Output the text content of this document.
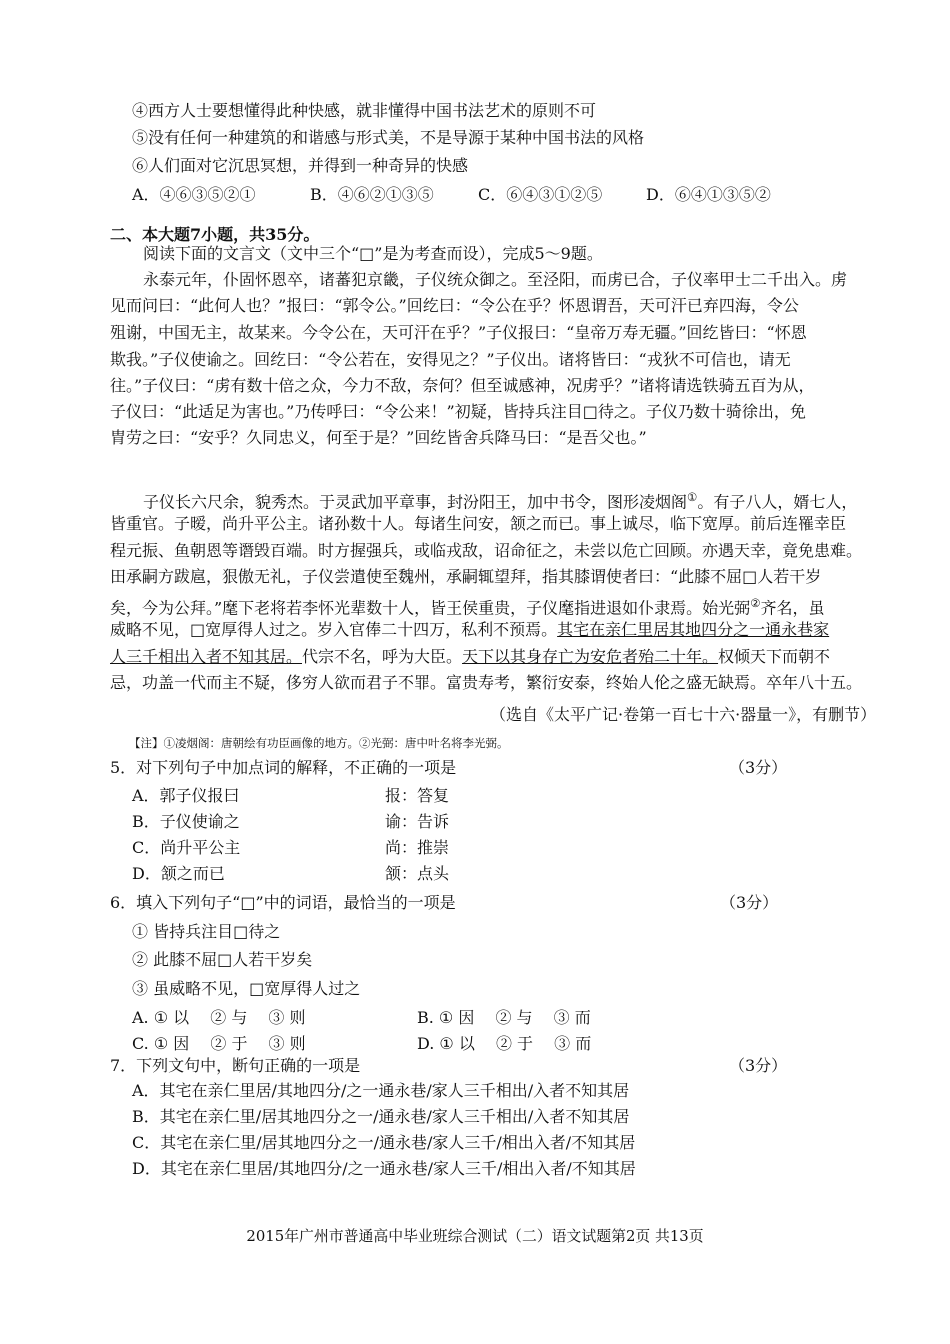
④西方人士要想懂得此种快感，就非懂得中国书法艺术的原则不可
⑤没有任何一种建筑的和谐感与形式美，不是导源于某种中国书法的风格
⑥人们面对它沉思冥想，并得到一种奇异的快感
A．④⑥③⑤②①	B．④⑥②①③⑤	C．⑥④③①②⑤	D．⑥④①③⑤②
二、本大题7小题，共35分。
阅读下面的文言文（文中三个“□”是为考查而设），完成5～9题。
永泰元年，仆固怀恩卒，诸蕃犯京畿，子仪统众御之。至泾阳，而虏已合，子仪率甲士二千出入。虏
见而问曰：“此何人也？”报曰：“郭令公。”回纥曰：“令公在乎？怀恩谓吾，天可汗已弃四海，令公
殂谢，中国无主，故某来。今令公在，天可汗在乎？”子仪报曰：“皇帝万寿无疆。”回纥皆曰：“怀恩
欺我。”子仪使谕之。回纥曰：“令公若在，安得见之？”子仪出。诸将皆曰：“戎狄不可信也，请无
往。”子仪曰：“虏有数十倍之众，今力不敌，奈何？但至诚感神，况虏乎？”诸将请选铁骑五百为从，
子仪曰：“此适足为害也。”乃传呼曰：“令公来！”初疑，皆持兵注目□待之。子仪乃数十骑徐出，免
胄劳之曰：“安乎？久同忠义，何至于是？”回纥皆舍兵降马曰：“是吾父也。”
子仪长六尺余，貌秀杰。于灵武加平章事，封汾阳王，加中书令，图形凌烟阁①。有子八人，婿七人，
皆重官。子暧，尚升平公主。诸孙数十人。每诸生问安，颔之而已。事上诚尽，临下宽厚。前后连罹幸臣
程元振、鱼朝恩等谮毁百端。时方握强兵，或临戎敌，诏命征之，未尝以危亡回顾。亦遇天幸，竟免患难。
田承嗣方跋扈，狠傲无礼，子仪尝遣使至魏州，承嗣辄望拜，指其膝谓使者曰：“此膝不屈□人若干岁
矣，今为公拜。”麾下老将若李怀光辈数十人，皆王侯重贵，子仪麾指进退如仆隶焉。始光弼②齐名，虽
威略不见，□宽厚得人过之。岁入官俸二十四万，私利不预焉。其宅在亲仁里居其地四分之一通永巷家
人三千相出入者不知其居。代宗不名，呼为大臣。天下以其身存亡为安危者殆二十年。权倾天下而朝不
忌，功盖一代而主不疑，侈穷人欲而君子不罪。富贵寿考，繁衍安泰，终始人伦之盛无缺焉。卒年八十五。
（选自《太平广记·卷第一百七十六·器量一》，有删节）
【注】①凌烟阁：唐朝绘有功臣画像的地方。②光弼：唐中叶名将李光弼。
5．对下列句子中加点词的解释，不正确的一项是	（3分）
A．郭子仪报曰	报：答复
B．子仪使谕之	谕：告诉
C．尚升平公主	尚：推崇
D．颔之而已	颔：点头
6．填入下列句子“□”中的词语，最恰当的一项是	（3分）
① 皆持兵注目□待之
② 此膝不屈□人若干岁矣
③ 虽威略不见，□宽厚得人过之
A. ① 以　 ② 与　 ③ 则	B. ① 因　 ② 与　 ③ 而
C. ① 因　 ② 于　 ③ 则	D. ① 以　 ② 于　 ③ 而
7．下列文句中，断句正确的一项是	（3分）
A．其宅在亲仁里居/其地四分/之一通永巷/家人三千相出/入者不知其居
B．其宅在亲仁里/居其地四分之一/通永巷/家人三千相出/入者不知其居
C．其宅在亲仁里/居其地四分之一/通永巷/家人三千/相出入者/不知其居
D．其宅在亲仁里居/其地四分/之一通永巷/家人三千/相出入者/不知其居
2015年广州市普通高中毕业班综合测试（二）语文试题第2页 共13页
